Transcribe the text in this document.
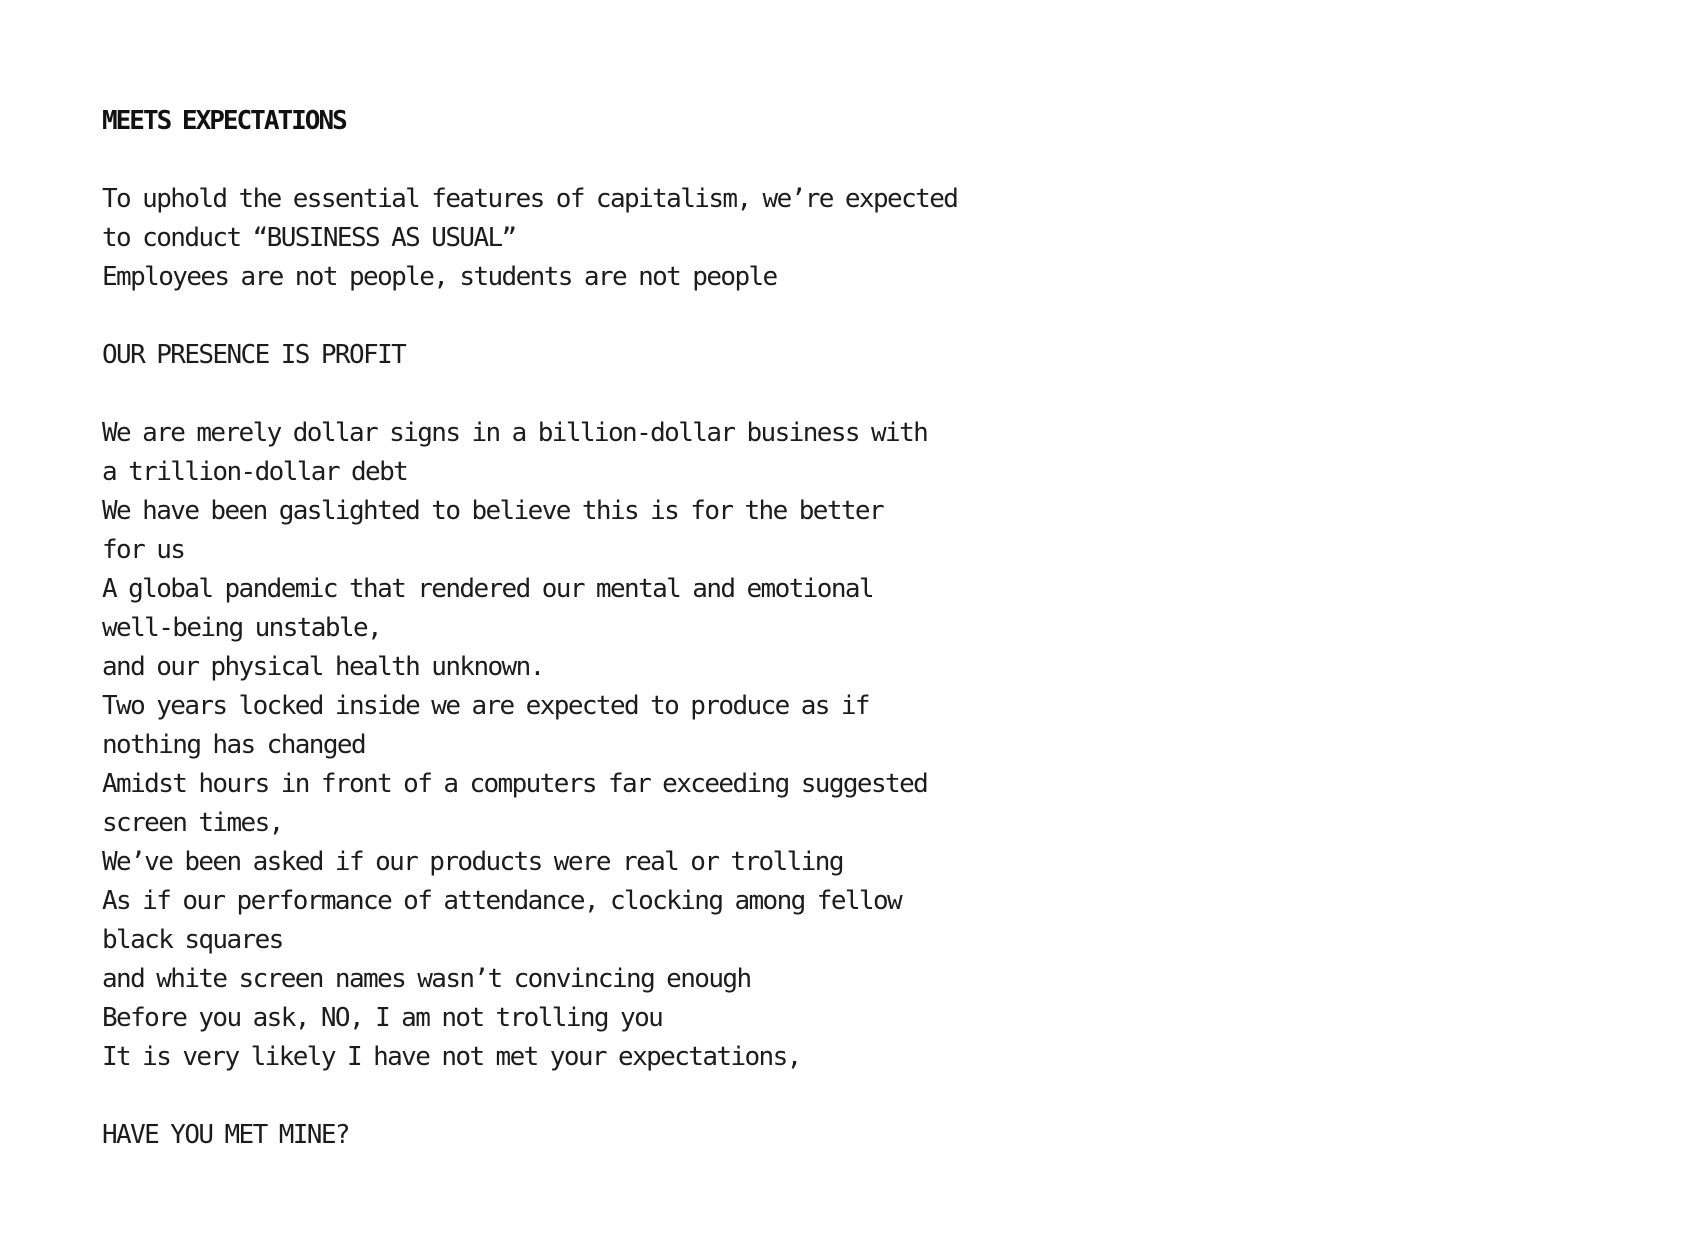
MEETS EXPECTATIONS
To uphold the essential features of capitalism, we’re expected
to conduct “BUSINESS AS USUAL”
Employees are not people, students are not people
OUR PRESENCE IS PROFIT
We are merely dollar signs in a billion-dollar business with
a trillion-dollar debt
We have been gaslighted to believe this is for the better
for us
A global pandemic that rendered our mental and emotional
well-being unstable,
and our physical health unknown.
Two years locked inside we are expected to produce as if
nothing has changed
Amidst hours in front of a computers far exceeding suggested
screen times,
We’ve been asked if our products were real or trolling
As if our performance of attendance, clocking among fellow
black squares
and white screen names wasn’t convincing enough
Before you ask, NO, I am not trolling you
It is very likely I have not met your expectations,
HAVE YOU MET MINE?
